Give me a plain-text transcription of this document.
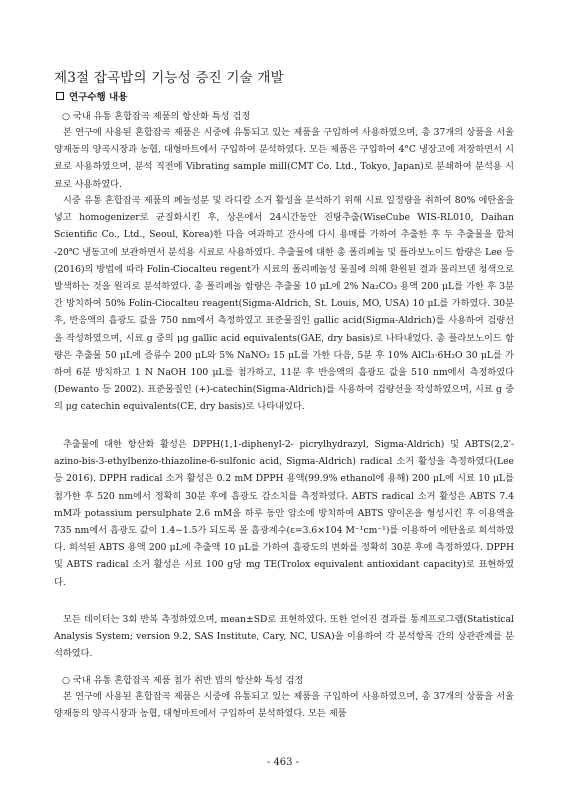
제3절 잡곡밥의 기능성 증진 기술 개발
연구수행 내용
○ 국내 유통 혼합잡곡 제품의 항산화 특성 검정

본 연구에 사용된 혼합잡곡 제품은 시중에 유통되고 있는 제품을 구입하여 사용하였으며, 총 37개의 상품을 서울 양재동의 양곡시장과 농협, 대형마트에서 구입하여 분석하였다. 모든 제품은 구입하여 4°C 냉장고에 저장하면서 시료로 사용하였으며, 분석 직전에 Vibrating sample mill(CMT Co. Ltd., Tokyo, Japan)로 분쇄하여 분석용 시료로 사용하였다.

시중 유통 혼합잡곡 제품의 폐놀성분 및 라디칼 소거 활성을 분석하기 위해 시료 일정량을 취하여 80% 에탄올을 넣고 homogenizer로 균질화시킨 후, 상온에서 24시간동안 진탕추출(WiseCube WIS-RL010, Daihan Scientific Co., Ltd., Seoul, Korea)한 다음 여과하고 잔사에 다시 용매를 가하여 추출한 후 두 추출물을 합쳐 -20℃ 냉동고에 보관하면서 분석용 시료로 사용하였다. 추출물에 대한 총 폴리페놀 및 플라보노이드 함량은 Lee 등(2016)의 방법에 따라 Folin-Ciocalteu regent가 시료의 폴리페놀성 물질에 의해 환원된 결과 몰리브덴 청색으로 발색하는 것을 원리로 분석하였다. 총 폴리페놀 함량은 추출물 10 μL에 2% Na₂CO₃ 용액 200 μL를 가한 후 3분간 방치하여 50% Folin-Ciocalteu reagent(Sigma-Aldrich, St. Louis, MO, USA) 10 μL를 가하였다. 30분 후, 반응액의 흡광도 값을 750 nm에서 측정하였고 표준물질인 gallic acid(Sigma-Aldrich)를 사용하여 검량선을 작성하였으며, 시료 g 중의 μg gallic acid equivalents(GAE, dry basis)로 나타내었다. 총 플라보노이드 함량은 추출물 50 μL에 증류수 200 μL와 5% NaNO₂ 15 μL를 가한 다음, 5분 후 10% AlCl₃·6H₂O 30 μL를 가하여 6분 방치하고 1 N NaOH 100 μL를 첨가하고, 11분 후 반응액의 흡광도 값을 510 nm에서 측정하였다(Dewanto 등 2002). 표준물질인 (+)-catechin(Sigma-Aldrich)를 사용하여 검량선을 작성하였으며, 시료 g 중의 μg catechin equivalents(CE, dry basis)로 나타내었다.

추출물에 대한 항산화 활성은 DPPH(1,1-diphenyl-2- picrylhydrazyl, Sigma-Aldrich) 및 ABTS(2,2′-azino-bis-3-ethylbenzo-thiazoline-6-sulfonic acid, Sigma-Aldrich) radical 소거 활성을 측정하였다(Lee 등 2016). DPPH radical 소거 활성은 0.2 mM DPPH 용액(99.9% ethanol에 용해) 200 μL에 시료 10 μL를 첨가한 후 520 nm에서 정확히 30분 후에 흡광도 감소치를 측정하였다. ABTS radical 소거 활성은 ABTS 7.4 mM과 potassium persulphate 2.6 mM을 하루 동안 암소에 방치하여 ABTS 양이온을 형성시킨 후 이용액을 735 nm에서 흡광도 값이 1.4~1.5가 되도록 몰 흡광계수(ε=3.6×104 M⁻¹cm⁻¹)를 이용하여 에탄올로 희석하였다. 희석된 ABTS 용액 200 μL에 추출액 10 μL를 가하여 흡광도의 변화를 정확히 30분 후에 측정하였다. DPPH 및 ABTS radical 소거 활성은 시료 100 g당 mg TE(Trolox equivalent antioxidant capacity)로 표현하였다.

모든 데이터는 3회 반복 측정하였으며, mean±SD로 표현하였다. 또한 얻어진 결과를 통계프로그램(Statistical Analysis System; version 9.2, SAS Institute, Cary, NC, USA)을 이용하여 각 분석항목 간의 상관관계를 분석하였다.

○ 국내 유통 혼합잡곡 제품 첨가 취반 밥의 항산화 특성 검정

본 연구에 사용된 혼합잡곡 제품은 시중에 유통되고 있는 제품을 구입하여 사용하였으며, 총 37개의 상품을 서울 양재동의 양곡시장과 농협, 대형마트에서 구입하여 분석하였다. 모든 제품

- 463 -
